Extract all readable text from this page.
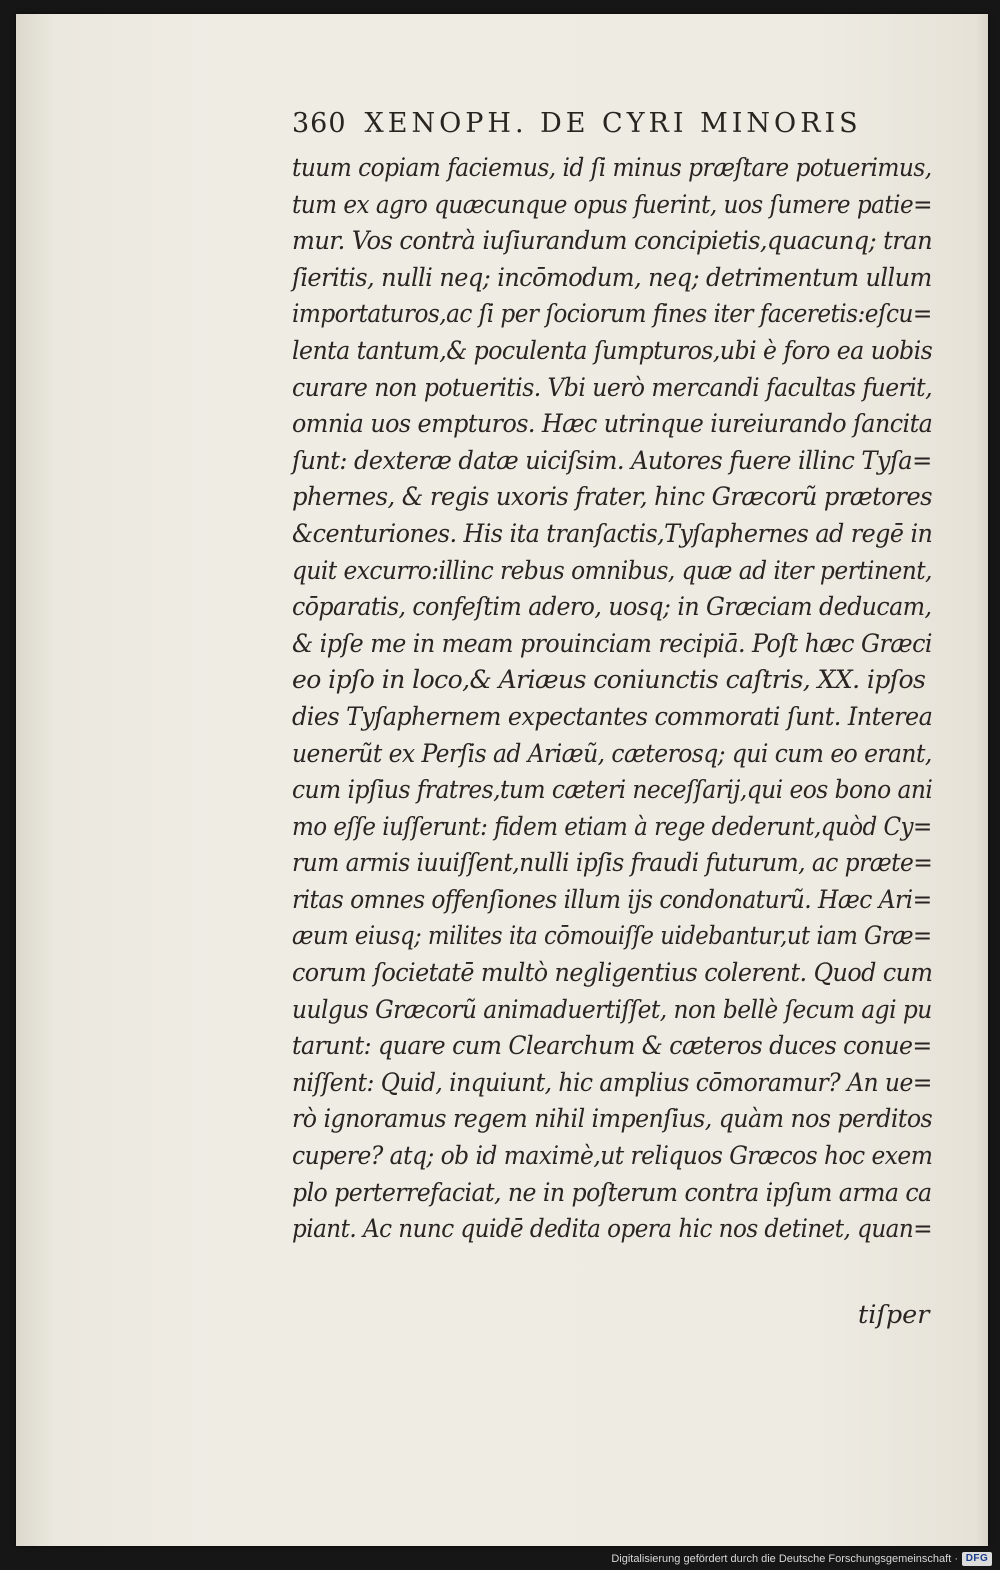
360 XENOPH. DE CYRI MINORIS
tuum copiam faciemus, id ſi minus præſtare potuerimus,
tum ex agro quæcunque opus fuerint, uos ſumere patie=
mur. Vos contrà iuſiurandum concipietis,quacunq; tran
ſieritis, nulli neq; incōmodum, neq; detrimentum ullum
importaturos,ac ſi per ſociorum fines iter faceretis:eſcu=
lenta tantum,& poculenta ſumpturos,ubi è foro ea uobis
curare non potueritis. Vbi uerò mercandi facultas fuerit,
omnia uos empturos. Hæc utrinque iureiurando ſancita
ſunt: dexteræ datæ uiciſsim. Autores fuere illinc Tyſa=
phernes, & regis uxoris frater, hinc Græcorũ prætores
&centuriones. His ita tranſactis,Tyſaphernes ad regē in
quit excurro:illinc rebus omnibus, quæ ad iter pertinent,
cōparatis, confeſtim adero, uosq; in Græciam deducam,
& ipſe me in meam prouinciam recipiā. Poſt hæc Græci
eo ipſo in loco,& Ariæus coniunctis caſtris, XX. ipſos
dies Tyſaphernem expectantes commorati ſunt. Interea
uenerũt ex Perſis ad Ariæũ, cæterosq; qui cum eo erant,
cum ipſius fratres,tum cæteri neceſſarij,qui eos bono ani
mo eſſe iuſſerunt: fidem etiam à rege dederunt,quòd Cy=
rum armis iuuiſſent,nulli ipſis fraudi futurum, ac præte=
ritas omnes offenſiones illum ijs condonaturũ. Hæc Ari=
æum eiusq; milites ita cōmouiſſe uidebantur,ut iam Græ=
corum ſocietatē multò negligentius colerent. Quod cum
uulgus Græcorũ animaduertiſſet, non bellè ſecum agi pu
tarunt: quare cum Clearchum & cæteros duces conue=
niſſent: Quid, inquiunt, hic amplius cōmoramur? An ue=
rò ignoramus regem nihil impenſius, quàm nos perditos
cupere? atq; ob id maximè,ut reliquos Græcos hoc exem
plo perterrefaciat, ne in poſterum contra ipſum arma ca
piant. Ac nunc quidē dedita opera hic nos detinet, quan=
tiſper
Digitalisierung gefördert durch die Deutsche Forschungsgemeinschaft · DFG
